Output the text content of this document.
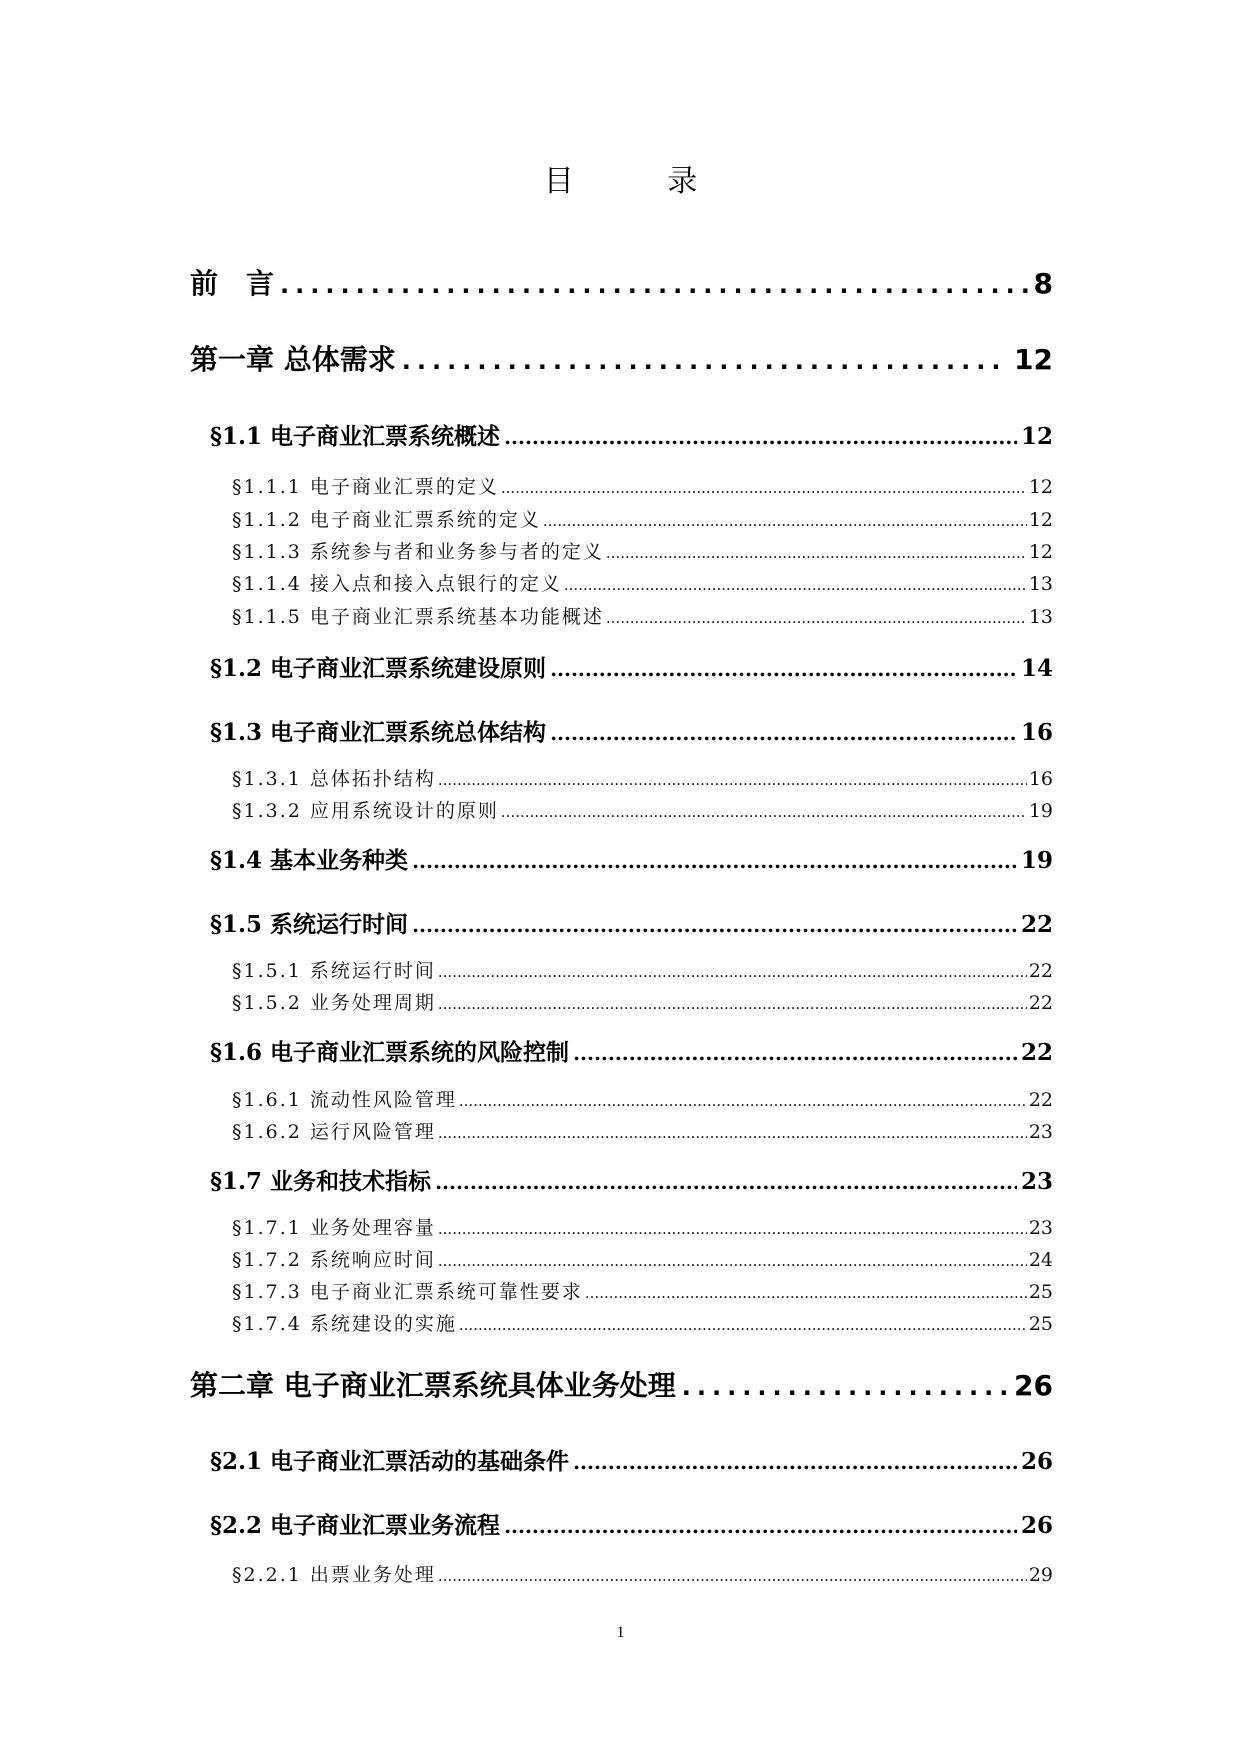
目 录
前　言 .....	8
第一章 总体需求 .....	12
§1.1 电子商业汇票系统概述 .....	12
§1.1.1 电子商业汇票的定义 .....	12
§1.1.2 电子商业汇票系统的定义 .....	12
§1.1.3 系统参与者和业务参与者的定义 .....	12
§1.1.4 接入点和接入点银行的定义 .....	13
§1.1.5 电子商业汇票系统基本功能概述 .....	13
§1.2 电子商业汇票系统建设原则 .....	14
§1.3 电子商业汇票系统总体结构 .....	16
§1.3.1 总体拓扑结构 .....	16
§1.3.2 应用系统设计的原则 .....	19
§1.4 基本业务种类 .....	19
§1.5 系统运行时间 .....	22
§1.5.1 系统运行时间 .....	22
§1.5.2 业务处理周期 .....	22
§1.6 电子商业汇票系统的风险控制 .....	22
§1.6.1 流动性风险管理 .....	22
§1.6.2 运行风险管理 .....	23
§1.7 业务和技术指标 .....	23
§1.7.1 业务处理容量 .....	23
§1.7.2 系统响应时间 .....	24
§1.7.3 电子商业汇票系统可靠性要求 .....	25
§1.7.4 系统建设的实施 .....	25
第二章 电子商业汇票系统具体业务处理 .....	26
§2.1 电子商业汇票活动的基础条件 .....	26
§2.2 电子商业汇票业务流程 .....	26
§2.2.1 出票业务处理 .....	29
1
